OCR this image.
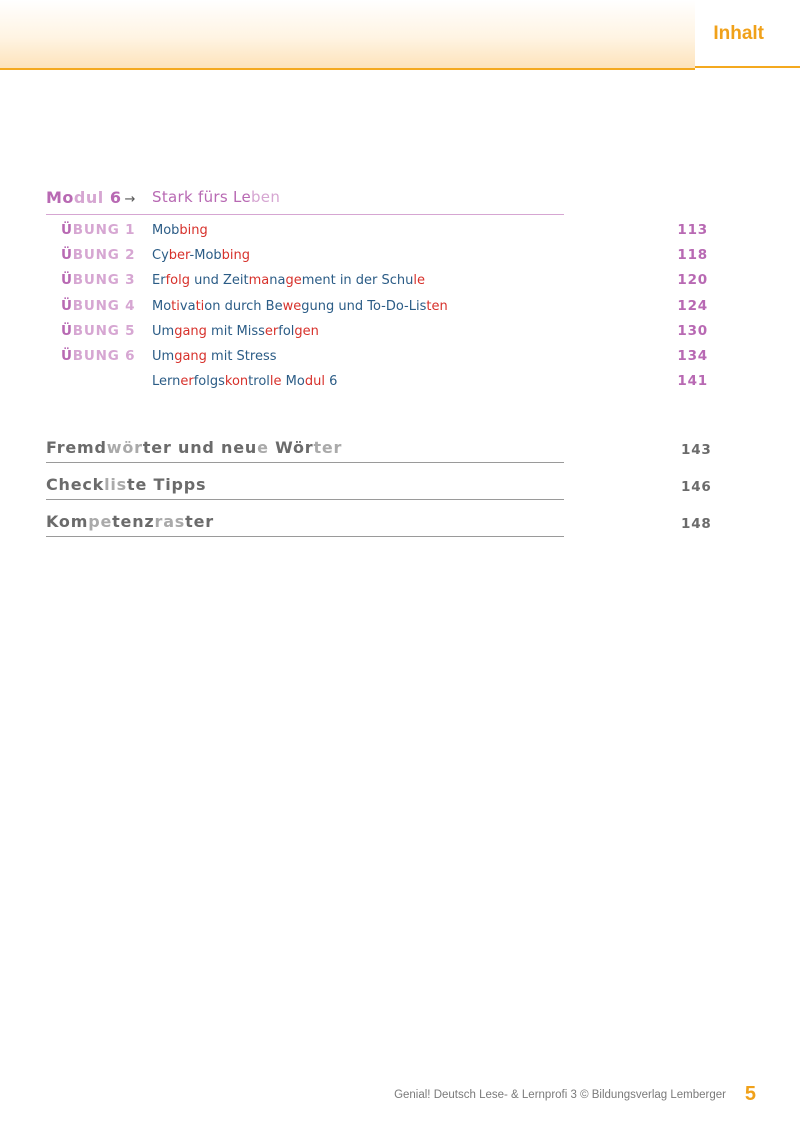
Inhalt
Modul 6 →	Stark fürs Leben
ÜBUNG 1 Mobbing	113
ÜBUNG 2 Cyber-Mobbing	118
ÜBUNG 3 Erfolg und Zeitmanagement in der Schule	120
ÜBUNG 4 Motivation durch Bewegung und To-Do-Listen	124
ÜBUNG 5 Umgang mit Misserfolgen	130
ÜBUNG 6 Umgang mit Stress	134
Lernerfolgskontrolle Modul 6	141
Fremdwörter und neue Wörter	143
Checkliste Tipps	146
Kompetenzraster	148
Genial! Deutsch Lese- & Lernprofi 3 © Bildungsverlag Lemberger 5
